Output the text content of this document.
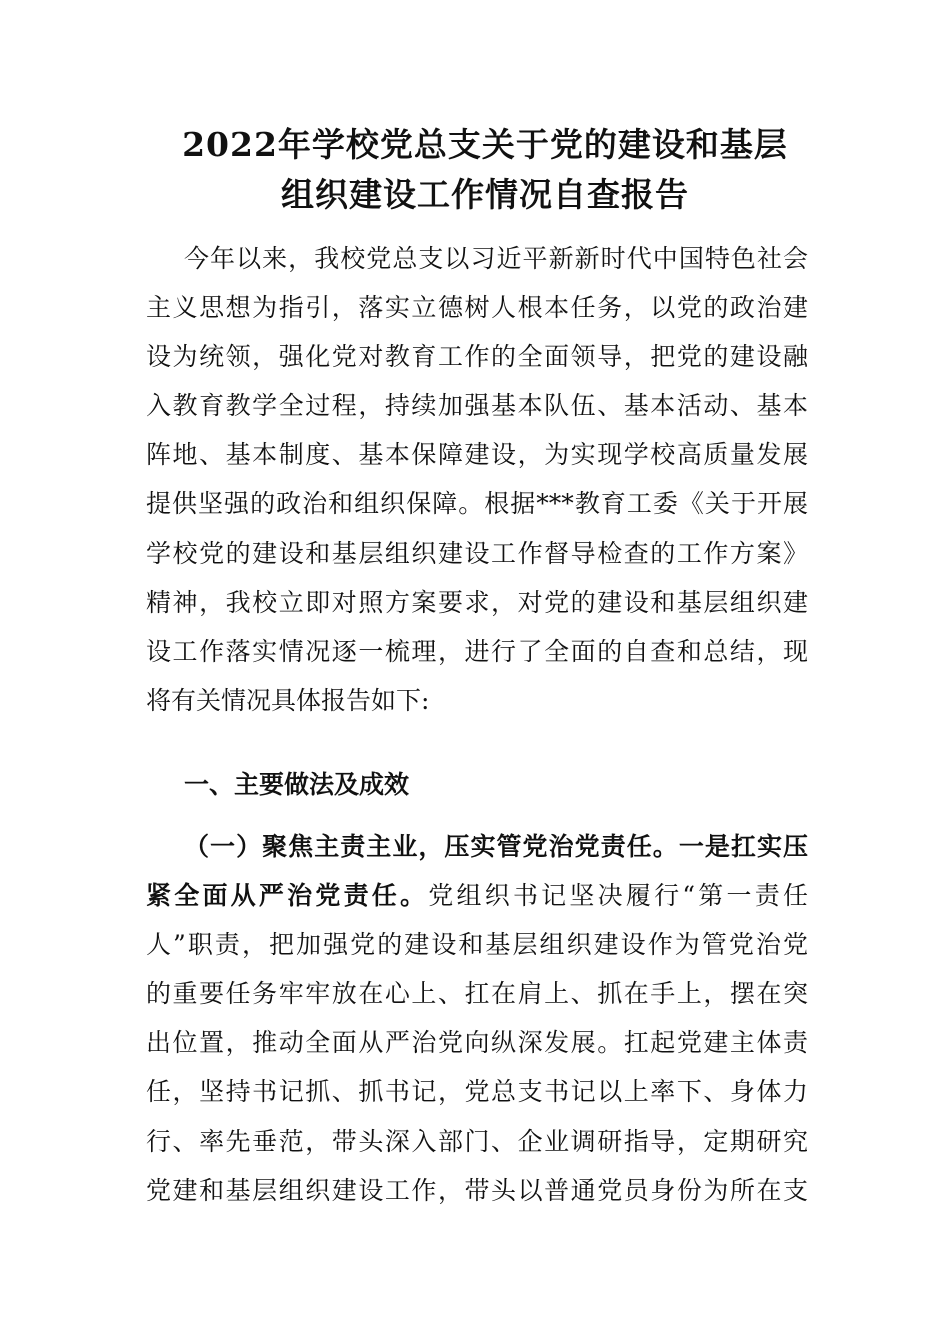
2022年学校党总支关于党的建设和基层
组织建设工作情况自查报告
今年以来，我校党总支以习近平新新时代中国特色社会
主义思想为指引，落实立德树人根本任务，以党的政治建
设为统领，强化党对教育工作的全面领导，把党的建设融
入教育教学全过程，持续加强基本队伍、基本活动、基本
阵地、基本制度、基本保障建设，为实现学校高质量发展
提供坚强的政治和组织保障。根据***教育工委《关于开展
学校党的建设和基层组织建设工作督导检查的工作方案》
精神，我校立即对照方案要求，对党的建设和基层组织建
设工作落实情况逐一梳理，进行了全面的自查和总结，现
将有关情况具体报告如下:
一、主要做法及成效
（一）聚焦主责主业，压实管党治党责任。一是扛实压
紧全面从严治党责任。党组织书记坚决履行“第一责任
人”职责，把加强党的建设和基层组织建设作为管党治党
的重要任务牢牢放在心上、扛在肩上、抓在手上，摆在突
出位置，推动全面从严治党向纵深发展。扛起党建主体责
任，坚持书记抓、抓书记，党总支书记以上率下、身体力
行、率先垂范，带头深入部门、企业调研指导，定期研究
党建和基层组织建设工作，带头以普通党员身份为所在支
